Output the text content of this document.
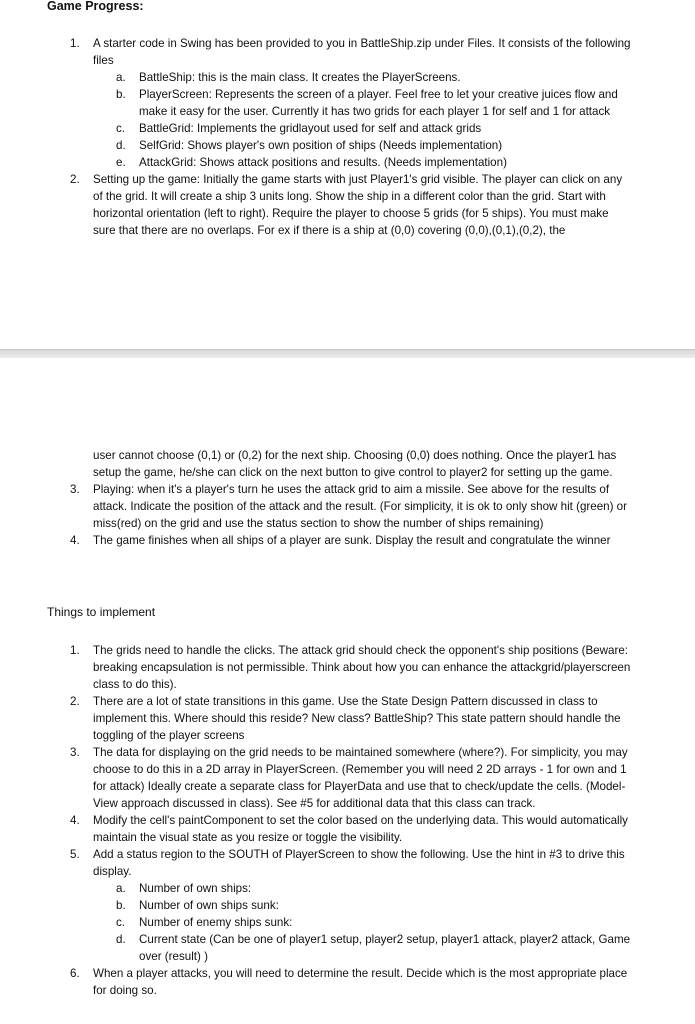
Game Progress:
1. A starter code in Swing has been provided to you in BattleShip.zip under Files. It consists of the following files
a. BattleShip: this is the main class. It creates the PlayerScreens.
b. PlayerScreen: Represents the screen of a player. Feel free to let your creative juices flow and make it easy for the user. Currently it has two grids for each player 1 for self and 1 for attack
c. BattleGrid: Implements the gridlayout used for self and attack grids
d. SelfGrid: Shows player's own position of ships (Needs implementation)
e. AttackGrid: Shows attack positions and results. (Needs implementation)
2. Setting up the game: Initially the game starts with just Player1's grid visible. The player can click on any of the grid. It will create a ship 3 units long. Show the ship in a different color than the grid. Start with horizontal orientation (left to right). Require the player to choose 5 grids (for 5 ships). You must make sure that there are no overlaps. For ex if there is a ship at (0,0) covering (0,0),(0,1),(0,2), the
user cannot choose (0,1) or (0,2) for the next ship. Choosing (0,0) does nothing. Once the player1 has setup the game, he/she can click on the next button to give control to player2 for setting up the game.
3. Playing: when it's a player's turn he uses the attack grid to aim a missile. See above for the results of attack. Indicate the position of the attack and the result. (For simplicity, it is ok to only show hit (green) or miss(red) on the grid and use the status section to show the number of ships remaining)
4. The game finishes when all ships of a player are sunk. Display the result and congratulate the winner
Things to implement
1. The grids need to handle the clicks. The attack grid should check the opponent's ship positions (Beware: breaking encapsulation is not permissible. Think about how you can enhance the attackgrid/playerscreen class to do this).
2. There are a lot of state transitions in this game. Use the State Design Pattern discussed in class to implement this. Where should this reside? New class? BattleShip? This state pattern should handle the toggling of the player screens
3. The data for displaying on the grid needs to be maintained somewhere (where?). For simplicity, you may choose to do this in a 2D array in PlayerScreen. (Remember you will need 2 2D arrays - 1 for own and 1 for attack) Ideally create a separate class for PlayerData and use that to check/update the cells. (Model-View approach discussed in class). See #5 for additional data that this class can track.
4. Modify the cell's paintComponent to set the color based on the underlying data. This would automatically maintain the visual state as you resize or toggle the visibility.
5. Add a status region to the SOUTH of PlayerScreen to show the following. Use the hint in #3 to drive this display.
a. Number of own ships:
b. Number of own ships sunk:
c. Number of enemy ships sunk:
d. Current state (Can be one of player1 setup, player2 setup, player1 attack, player2 attack, Game over (result) )
6. When a player attacks, you will need to determine the result. Decide which is the most appropriate place for doing so.
